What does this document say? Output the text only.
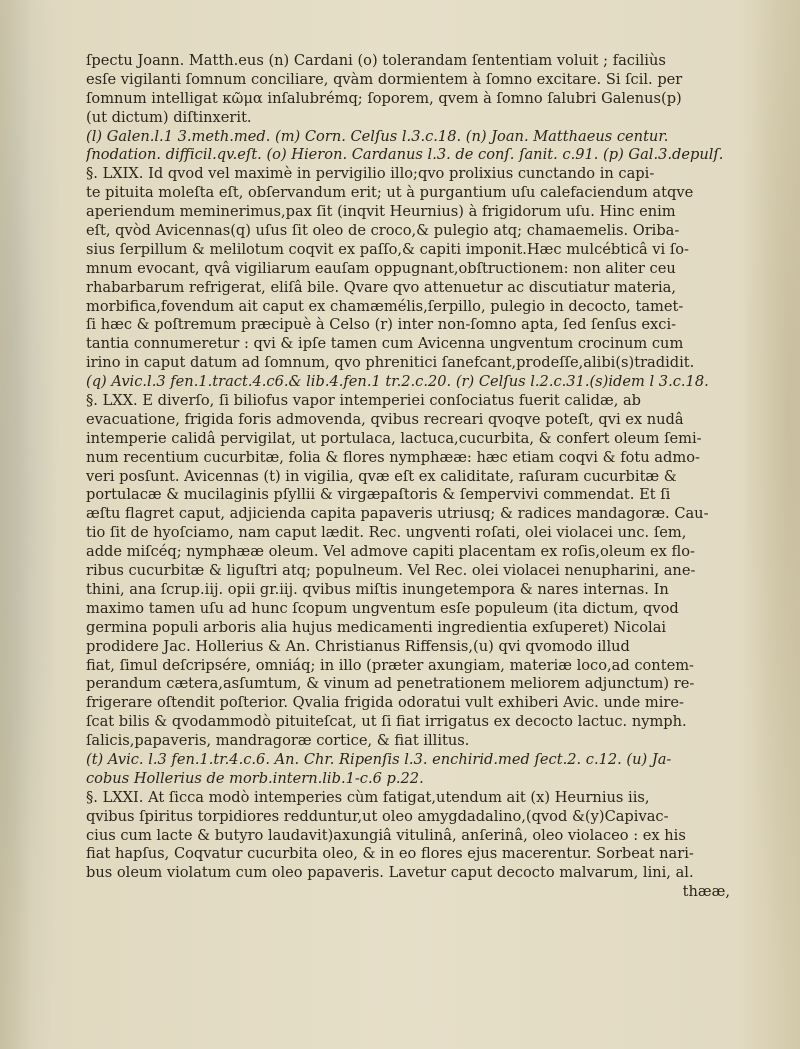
ſpectu Joann. Matth.eus (n) Cardani (o) tolerandam ſententiam voluit ; faciliùs
esſe vigilanti ſomnum conciliare, qvàm dormientem à ſomno excitare. Si ſcil. per
ſomnum intelligat κῶμα inſalubrémq; ſoporem, qvem à ſomno ſalubri Galenus(p)
(ut dictum) diſtinxerit.
(l) Galen.l.1 3.meth.med. (m) Corn. Celſus l.3.c.18. (n) Joan. Matthaeus centur.
ſnodation. difficil.qv.eſt. (o) Hieron. Cardanus l.3. de conſ. ſanit. c.91. (p) Gal.3.depulſ.
§. LXIX. Id qvod vel maximè in pervigilio illo;qvo prolixius cunctando in capi-
te pituita moleſta eſt, obſervandum erit; ut à purgantium uſu calefaciendum atqve
aperiendum meminerimus,pax ſit (inqvit Heurnius) à frigidorum uſu. Hinc enim
eſt, qvòd Avicennas(q) uſus ſit oleo de croco,& pulegio atq; chamaemelis. Oriba-
sius ſerpillum & melilotum coqvit ex paſſo,& capiti imponit.Hæc mulcébticâ vi ſo-
mnum evocant, qvâ vigiliarum eauſam oppugnant,obſtructionem: non aliter ceu
rhabarbarum refrigerat, eliſâ bile. Qvare qvo attenuetur ac discutiatur materia,
morbifica,fovendum ait caput ex chamæmélis,ſerpillo, pulegio in decocto, tamet-
ſi hæc & poſtremum præcipuè à Celso (r) inter non-ſomno apta, ſed ſenſus exci-
tantia connumeretur : qvi & ipſe tamen cum Avicenna ungventum crocinum cum
irino in caput datum ad ſomnum, qvo phrenitici ſanefcant,prodeſſe,alibi(s)tradidit.
(q) Avic.l.3 fen.1.tract.4.c6.& lib.4.fen.1 tr.2.c.20. (r) Celſus l.2.c.31.(s)idem l 3.c.18.
§. LXX. E diverſo, ſi biliofus vapor intemperiei conſociatus fuerit calidæ, ab
evacuatione, frigida foris admovenda, qvibus recreari qvoqve poteſt, qvi ex nudâ
intemperie calidâ pervigilat, ut portulaca, lactuca,cucurbita, & confert oleum ſemi-
num recentium cucurbitæ, folia & flores nymphææ: hæc etiam coqvi & fotu admo-
veri posſunt. Avicennas (t) in vigilia, qvæ eſt ex caliditate, raſuram cucurbitæ &
portulacæ & mucilaginis pſyllii & virgæpaſtoris & ſempervivi commendat. Et ſi
æſtu flagret caput, adjicienda capita papaveris utriusq; & radices mandagoræ. Cau-
tio ſit de hyoſciamo, nam caput lædit. Rec. ungventi roſati, olei violacei unc. ſem,
adde miſcéq; nymphææ oleum. Vel admove capiti placentam ex roſis,oleum ex flo-
ribus cucurbitæ & liguſtri atq; populneum. Vel Rec. olei violacei nenupharini, ane-
thini, ana ſcrup.iij. opii gr.iij. qvibus miſtis inungetempora & nares internas. In
maximo tamen uſu ad hunc ſcopum ungventum esſe populeum (ita dictum, qvod
germina populi arboris alia hujus medicamenti ingredientia exſuperet) Nicolai
prodidere Jac. Hollerius & An. Christianus Riffensis,(u) qvi qvomodo illud
fiat, ſimul deſcripsére, omniáq; in illo (præter axungiam, materiæ loco,ad contem-
perandum cætera,asſumtum, & vinum ad penetrationem meliorem adjunctum) re-
frigerare oſtendit poſterior. Qvalia frigida odoratui vult exhiberi Avic. unde mire-
ſcat bilis & qvodammodò pituiteſcat, ut ſi fiat irrigatus ex decocto lactuc. nymph.
ſalicis,papaveris, mandragoræ cortice, & fiat illitus.
(t) Avic. l.3 fen.1.tr.4.c.6. An. Chr. Ripenſis l.3. enchirid.med ſect.2. c.12. (u) Ja-
cobus Hollerius de morb.intern.lib.1-c.6 p.22.
§. LXXI. At ſicca modò intemperies cùm fatigat,utendum ait (x) Heurnius iis,
qvibus ſpiritus torpidiores redduntur,ut oleo amygdadalino,(qvod &(y)Capivac-
cius cum lacte & butyro laudavit)axungiâ vitulinâ, anſerinâ, oleo violaceo : ex his
fiat hapſus, Coqvatur cucurbita oleo, & in eo flores ejus macerentur. Sorbeat nari-
bus oleum violatum cum oleo papaveris. Lavetur caput decocto malvarum, lini, al.
thææ,
